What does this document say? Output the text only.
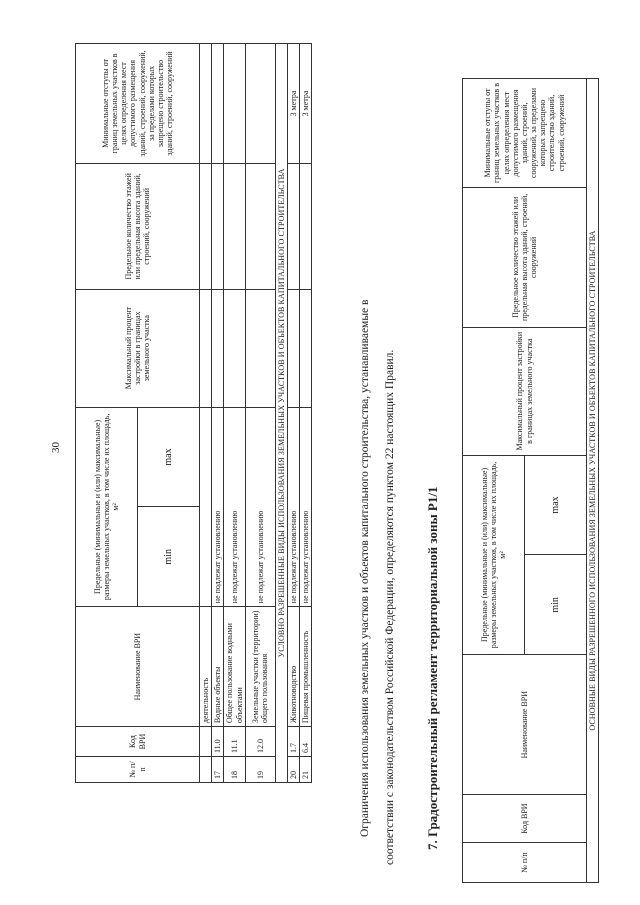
30
№ п/п	Код ВРИ	Наименование ВРИ	Предельные (минимальные и (или) максимальные) размеры земельных участков, в том числе их площадь, м²		Максимальный процент застройки в границах земельного участка	Предельное количество этажей или предельная высота зданий, строений, сооружений	Минимальные отступы от границ земельных участков в целях определения мест допустимого размещения зданий, строений, сооружений, за пределами которых запрещено строительство зданий, строений, сооружений
			min	max			
		деятельность					
17	11.0	Водные объекты	не подлежат установлению				
18	11.1	Общее пользование водными объектами	не подлежат установлению				
19	12.0	Земельные участки (территории) общего пользования	не подлежат установлению				
УСЛОВНО РАЗРЕШЕННЫЕ ВИДЫ ИСПОЛЬЗОВАНИЯ ЗЕМЕЛЬНЫХ УЧАСТКОВ И ОБЪЕКТОВ КАПИТАЛЬНОГО СТРОИТЕЛЬСТВА							
20	1.7	Животноводство	не подлежат установлению				3 метра
21	6.4	Пищевая промышленность	не подлежат установлению				3 метра
Ограничения использования земельных участков и объектов капитального строительства, устанавливаемые в	соответствии с законодательством Российской Федерации, определяются пунктом 22 настоящих Правил.	7. Градостроительный регламент территориальной зоны Р1/1
№ п/п	Код ВРИ	Наименование ВРИ	Предельные (минимальные и (или) максимальные) размеры земельных участков, в том числе их площадь, м²		Максимальный процент застройки в границах земельного участка	Предельное количество этажей или предельная высота зданий, строений, сооружений	Минимальные отступы от границ земельных участков в целях определения мест допустимого размещения зданий, строений, сооружений, за пределами которых запрещено строительство зданий, строений, сооружений
			min	max			
ОСНОВНЫЕ ВИДЫ РАЗРЕШЕННОГО ИСПОЛЬЗОВАНИЯ ЗЕМЕЛЬНЫХ УЧАСТКОВ И ОБЪЕКТОВ КАПИТАЛЬНОГО СТРОИТЕЛЬСТВА							
